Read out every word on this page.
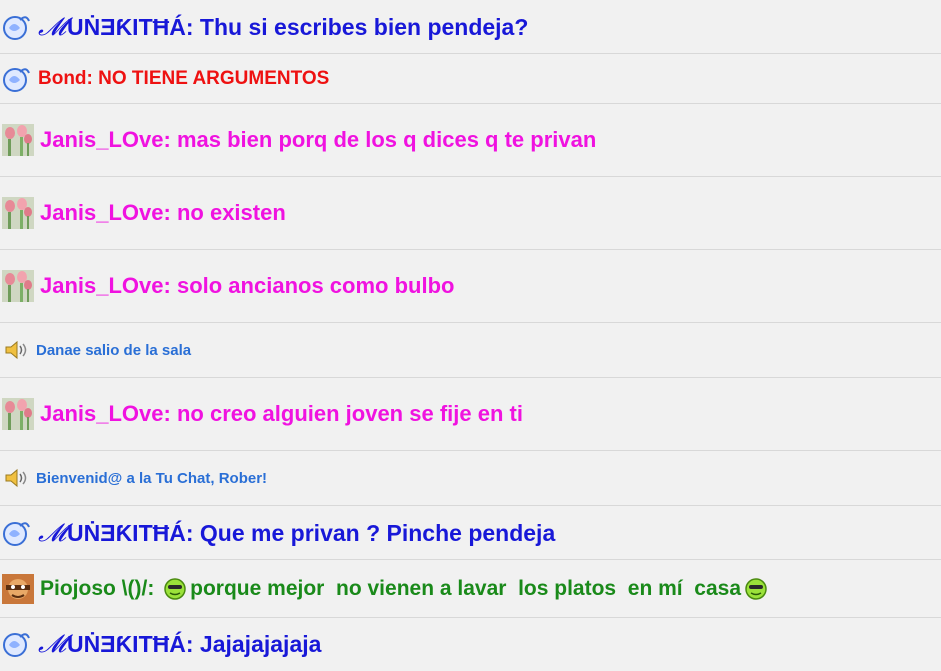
𝓜UṄƎƘITĦÁ: Thu si escribes bien pendeja?
Bond: NO TIENE ARGUMENTOS
Janis_LOve: mas bien porq de los q dices q te privan
Janis_LOve: no existen
Janis_LOve: solo ancianos como bulbo
Danae salio de la sala
Janis_LOve: no creo alguien joven se fije en ti
Bienvenid@ a la Tu Chat, Rober!
𝓜UṄƎƘITĦÁ: Que me privan ? Pinche pendeja
Piojoso \()/: porque mejor  no vienen a lavar  los platos  en mí  casa
𝓜UṄƎƘITĦÁ: Jajajajajaja
